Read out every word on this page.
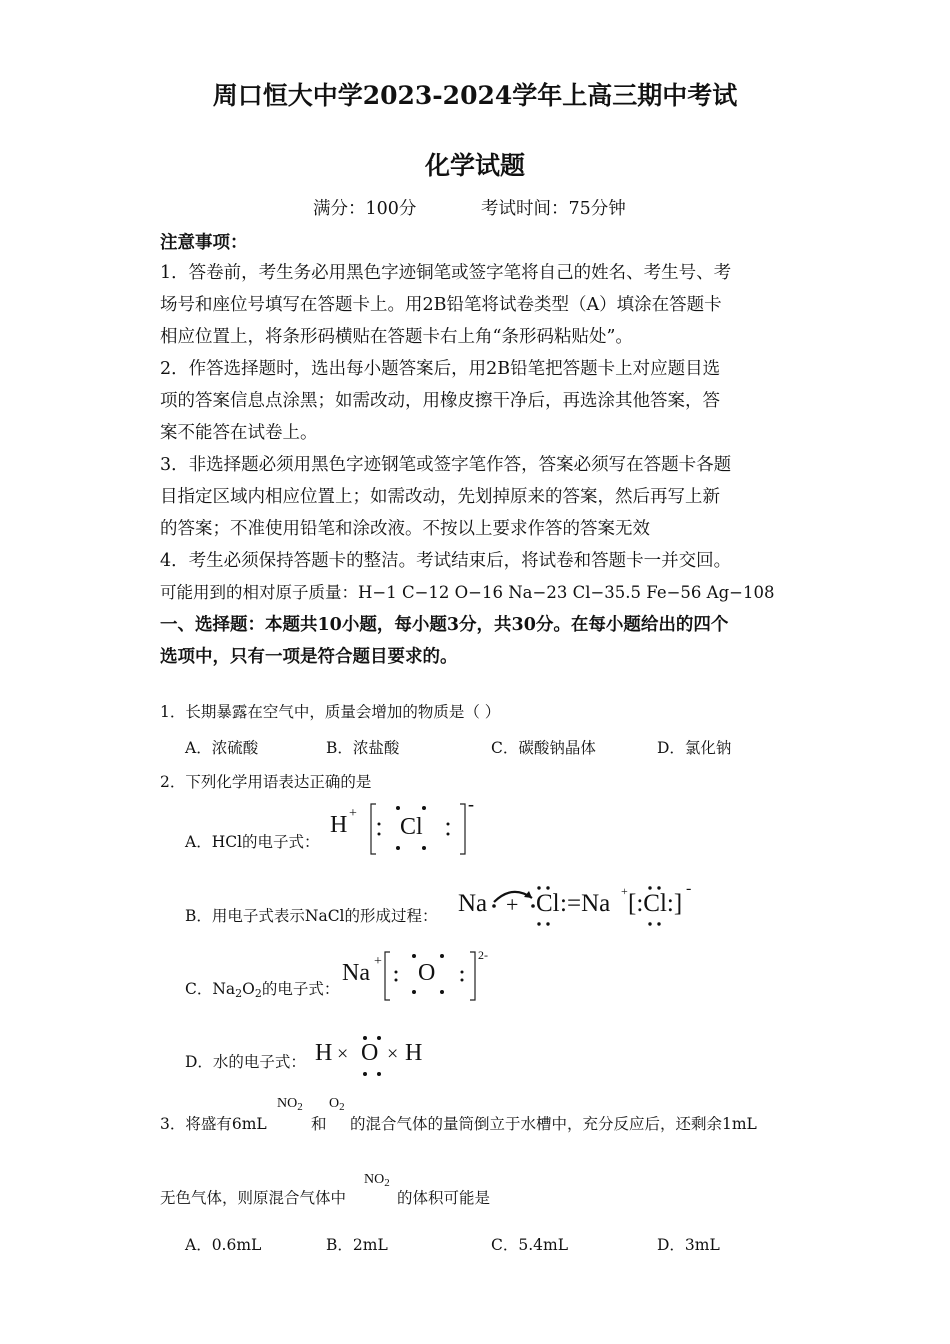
周口恒大中学2023-2024学年上高三期中考试
化学试题
满分：100分	考试时间：75分钟
注意事项：
1．答卷前，考生务必用黑色字迹铜笔或签字笔将自己的姓名、考生号、考
场号和座位号填写在答题卡上。用2B铅笔将试卷类型（A）填涂在答题卡
相应位置上，将条形码横贴在答题卡右上角“条形码粘贴处”。
2．作答选择题时，选出每小题答案后，用2B铅笔把答题卡上对应题目选
项的答案信息点涂黑；如需改动，用橡皮擦干净后，再选涂其他答案，答
案不能答在试卷上。
3．非选择题必须用黑色字迹钢笔或签字笔作答，答案必须写在答题卡各题
目指定区域内相应位置上；如需改动，先划掉原来的答案，然后再写上新
的答案；不准使用铅笔和涂改液。不按以上要求作答的答案无效
4．考生必须保持答题卡的整洁。考试结束后，将试卷和答题卡一并交回。
可能用到的相对原子质量：H−1 C−12 O−16 Na−23 Cl−35.5 Fe−56 Ag−108
一、选择题：本题共10小题，每小题3分，共30分。在每小题给出的四个
选项中，只有一项是符合题目要求的。
1．长期暴露在空气中，质量会增加的物质是（ ）
A．浓硫酸	B．浓盐酸	C．碳酸钠晶体	D．氯化钠
2．下列化学用语表达正确的是
A．HCl的电子式：
H +
Cl
-
B．用电子式表示NaCl的形成过程： Na + Cl : =Na + [:Cl:]
-
C．Na2O2的电子式：
Na + O
2-
D．水的电子式： H × O × H
3．将盛有6mL
$NO_2$
和
$O_2$
的混合气体的量筒倒立于水槽中，充分反应后，还剩余1mL
无色气体，则原混合气体中
$NO_2$
的体积可能是
A．0.6mL	B．2mL	C．5.4mL	D．3mL
